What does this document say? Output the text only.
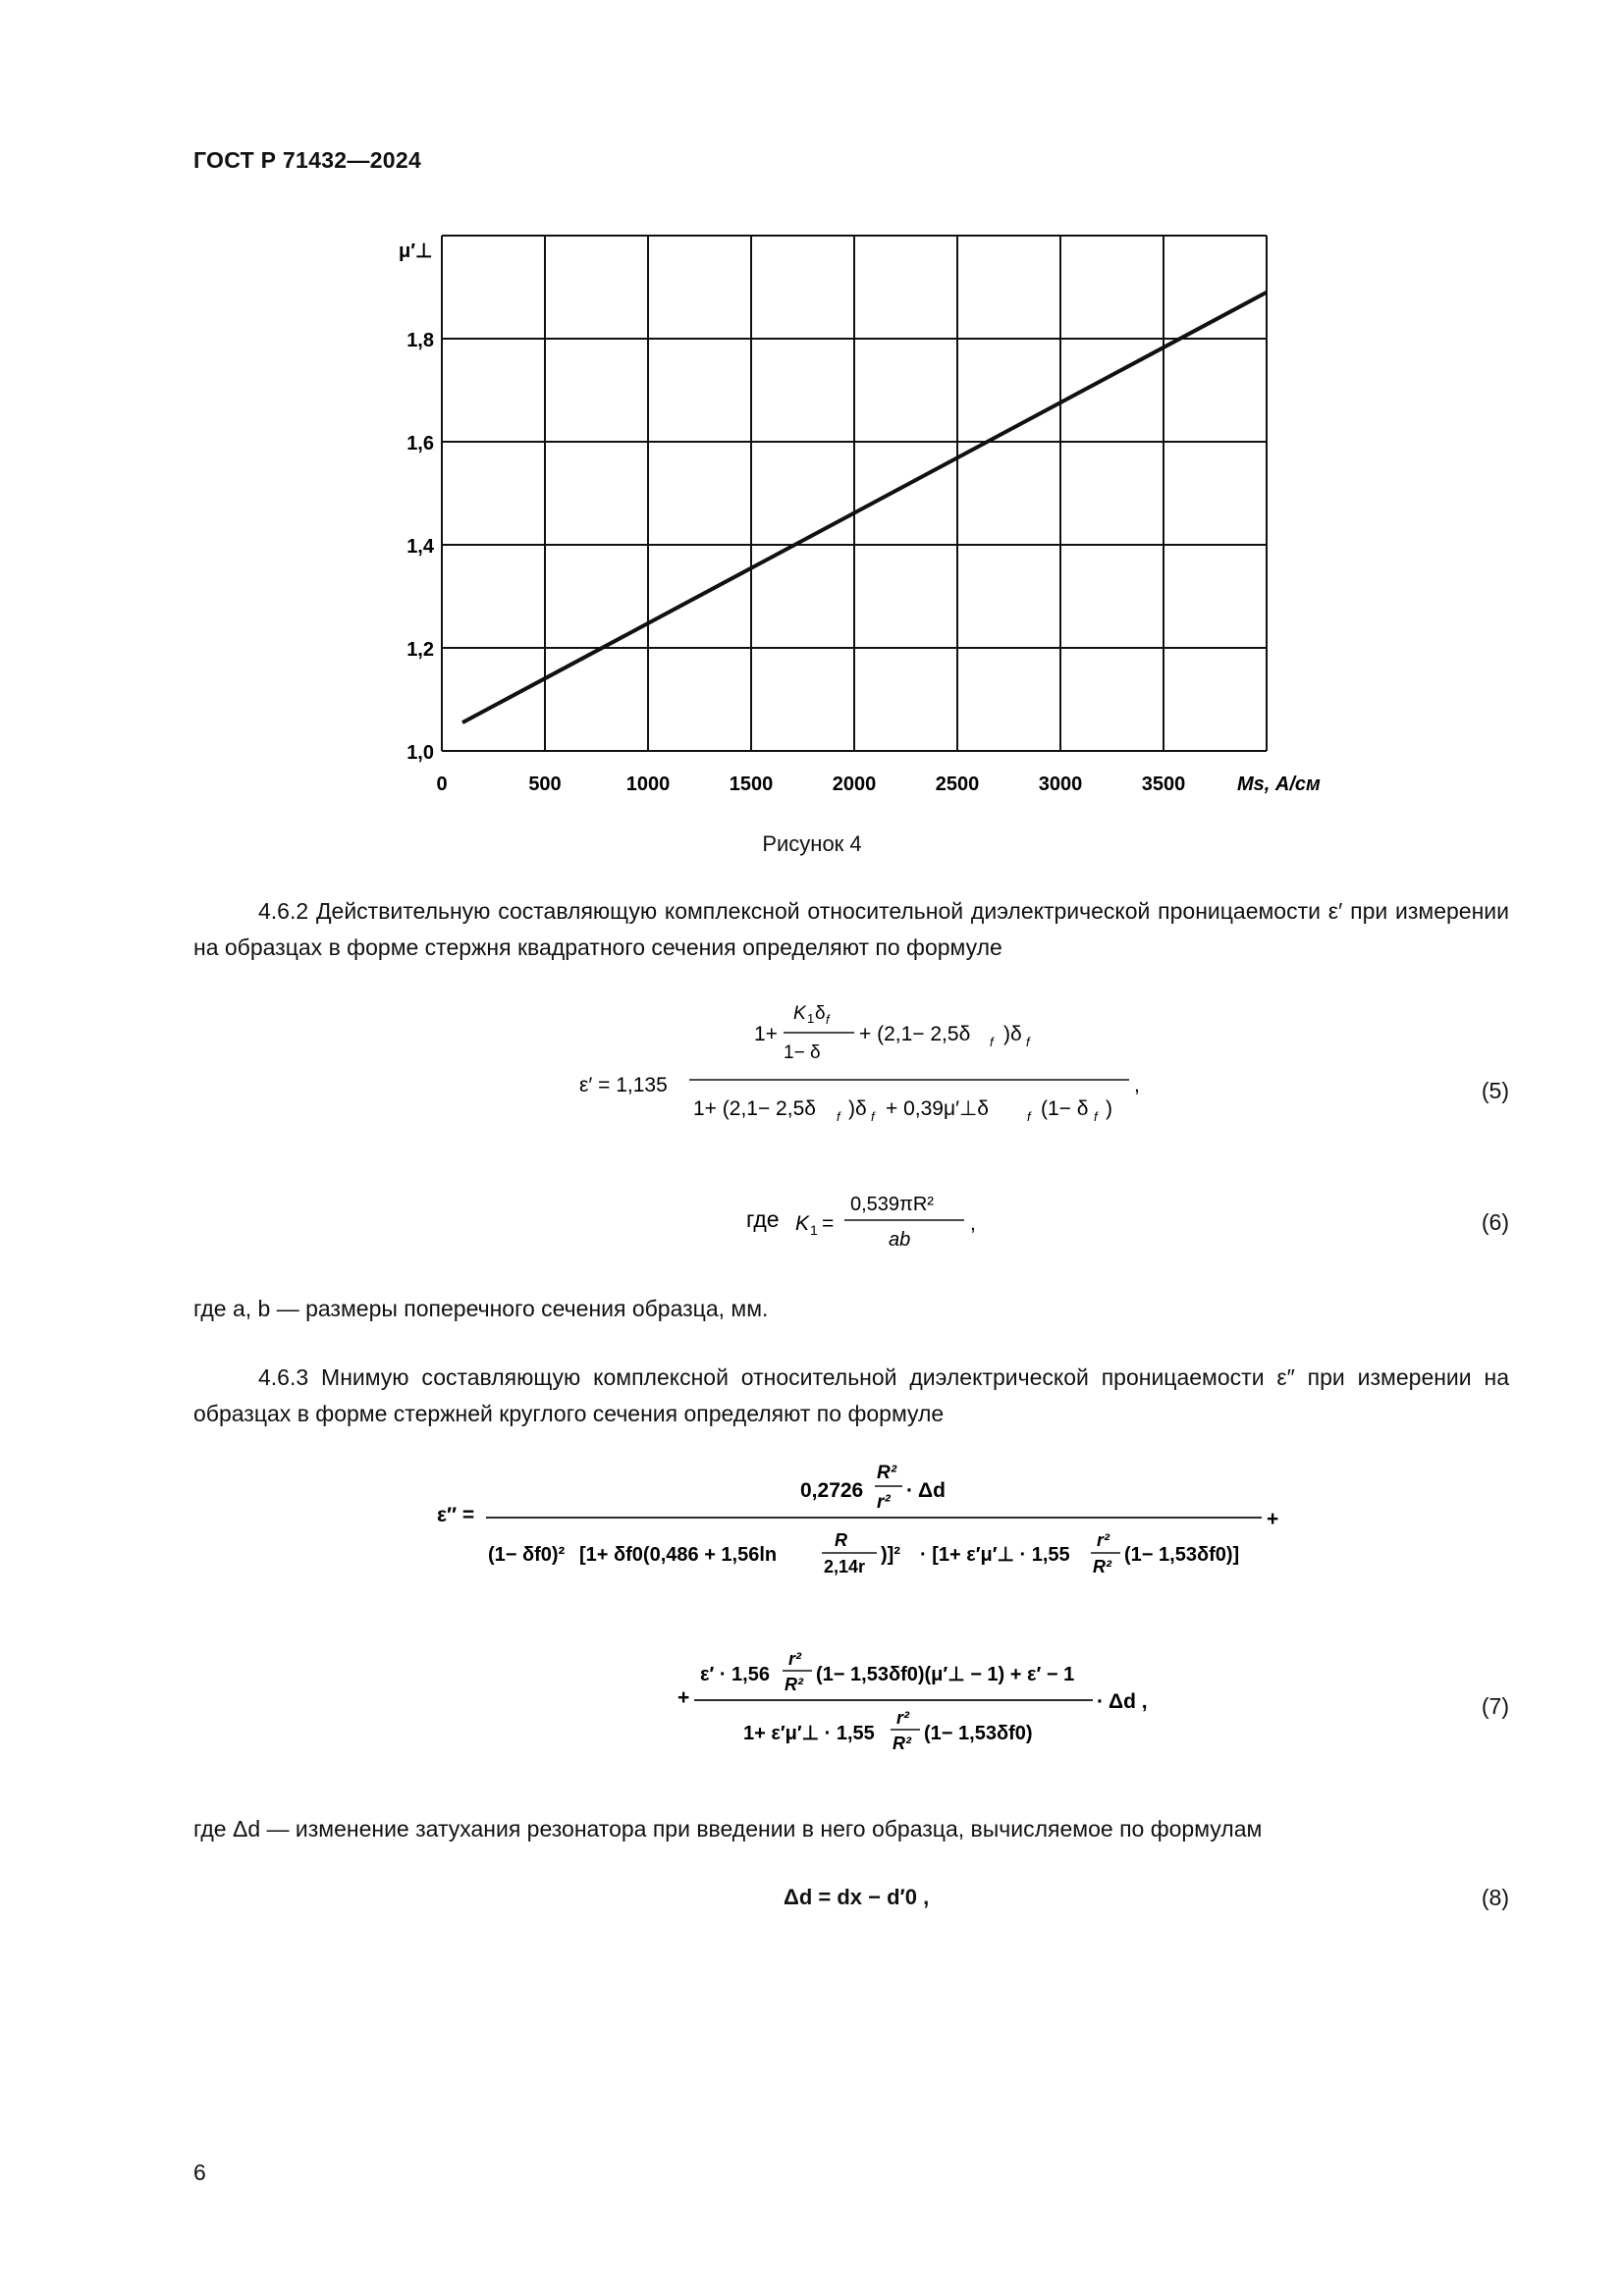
ГОСТ Р 71432—2024
0	500	1000	1500	2000	2500	3000	3500
1,0
1,2
1,4
1,6
1,8
μ′⊥
Ms, А/см
Рисунок 4
4.6.2 Действительную составляющую комплексной относительной диэлектрической проницаемости ε′ при измерении на образцах в форме стержня квадратного сечения определяют по формуле
ε′ = 1,135
1+
K 1 δ f
1− δ
+ (2,1− 2,5δ f )δ f
1+ (2,1− 2,5δ f )δ f + 0,39μ′⊥δ	f (1− δ f )
,	(5)
где K 1 =
0,539πR²
ab
,	(6)
где a, b — размеры поперечного сечения образца, мм.
4.6.3 Мнимую составляющую комплексной относительной диэлектрической проницаемости ε″ при измерении на образцах в форме стержней круглого сечения определяют по формуле
ε″ =
0,2726
R²
r²
· Δd
+
(1− δf0)² [1+ δf0(0,486 + 1,56ln
R
2,14r
)]² · [1+ ε′μ′⊥ · 1,55
r²
R²
(1− 1,53δf0)]
+
ε′ · 1,56
r²
R² (1− 1,53δf0)(μ′⊥ − 1) + ε′ − 1
1+ ε′μ′⊥ · 1,55
r²
R² (1− 1,53δf0)
· Δd ,	(7)
где Δd — изменение затухания резонатора при введении в него образца, вычисляемое по формулам
Δd = dx − d′0 ,	(8)
6
